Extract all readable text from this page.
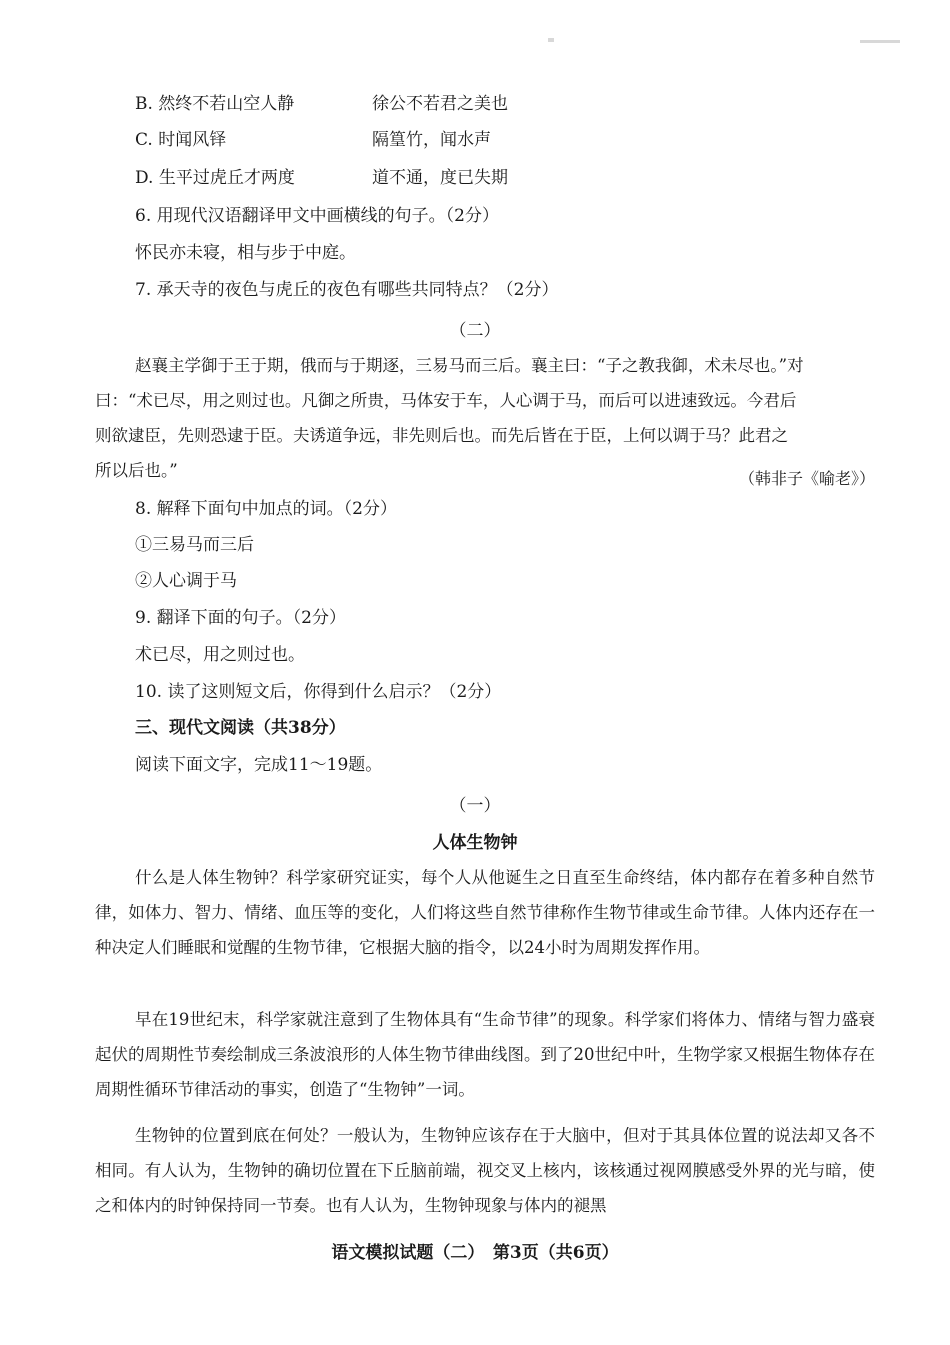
B. 然终不若山空人静	徐公不若君之美也
C. 时闻风铎	隔篁竹，闻水声
D. 生平过虎丘才两度	道不通，度已失期
6. 用现代汉语翻译甲文中画横线的句子。（2分）
怀民亦未寝，相与步于中庭。
7. 承天寺的夜色与虎丘的夜色有哪些共同特点？（2分）
（二）
赵襄主学御于王于期，俄而与于期逐，三易马而三后。襄主曰：“子之教我御，术未尽也。”对
曰：“术已尽，用之则过也。凡御之所贵，马体安于车，人心调于马，而后可以进速致远。今君后
则欲逮臣，先则恐逮于臣。夫诱道争远，非先则后也。而先后皆在于臣，上何以调于马？此君之
所以后也。”	（韩非子《喻老》）
8. 解释下面句中加点的词。（2分）
①三易马而三后
②人心调于马
9. 翻译下面的句子。（2分）
术已尽，用之则过也。
10. 读了这则短文后，你得到什么启示？（2分）
三、现代文阅读（共38分）
阅读下面文字，完成11～19题。
（一）
人体生物钟
什么是人体生物钟？科学家研究证实，每个人从他诞生之日直至生命终结，体内都存在着多种自然节律，如体力、智力、情绪、血压等的变化，人们将这些自然节律称作生物节律或生命节律。人体内还存在一种决定人们睡眠和觉醒的生物节律，它根据大脑的指令，以24小时为周期发挥作用。
早在19世纪末，科学家就注意到了生物体具有“生命节律”的现象。科学家们将体力、情绪与智力盛衰起伏的周期性节奏绘制成三条波浪形的人体生物节律曲线图。到了20世纪中叶，生物学家又根据生物体存在周期性循环节律活动的事实，创造了“生物钟”一词。
生物钟的位置到底在何处？一般认为，生物钟应该存在于大脑中，但对于其具体位置的说法却又各不相同。有人认为，生物钟的确切位置在下丘脑前端，视交叉上核内，该核通过视网膜感受外界的光与暗，使之和体内的时钟保持同一节奏。也有人认为，生物钟现象与体内的褪黑
语文模拟试题（二）　第3页（共6页）
